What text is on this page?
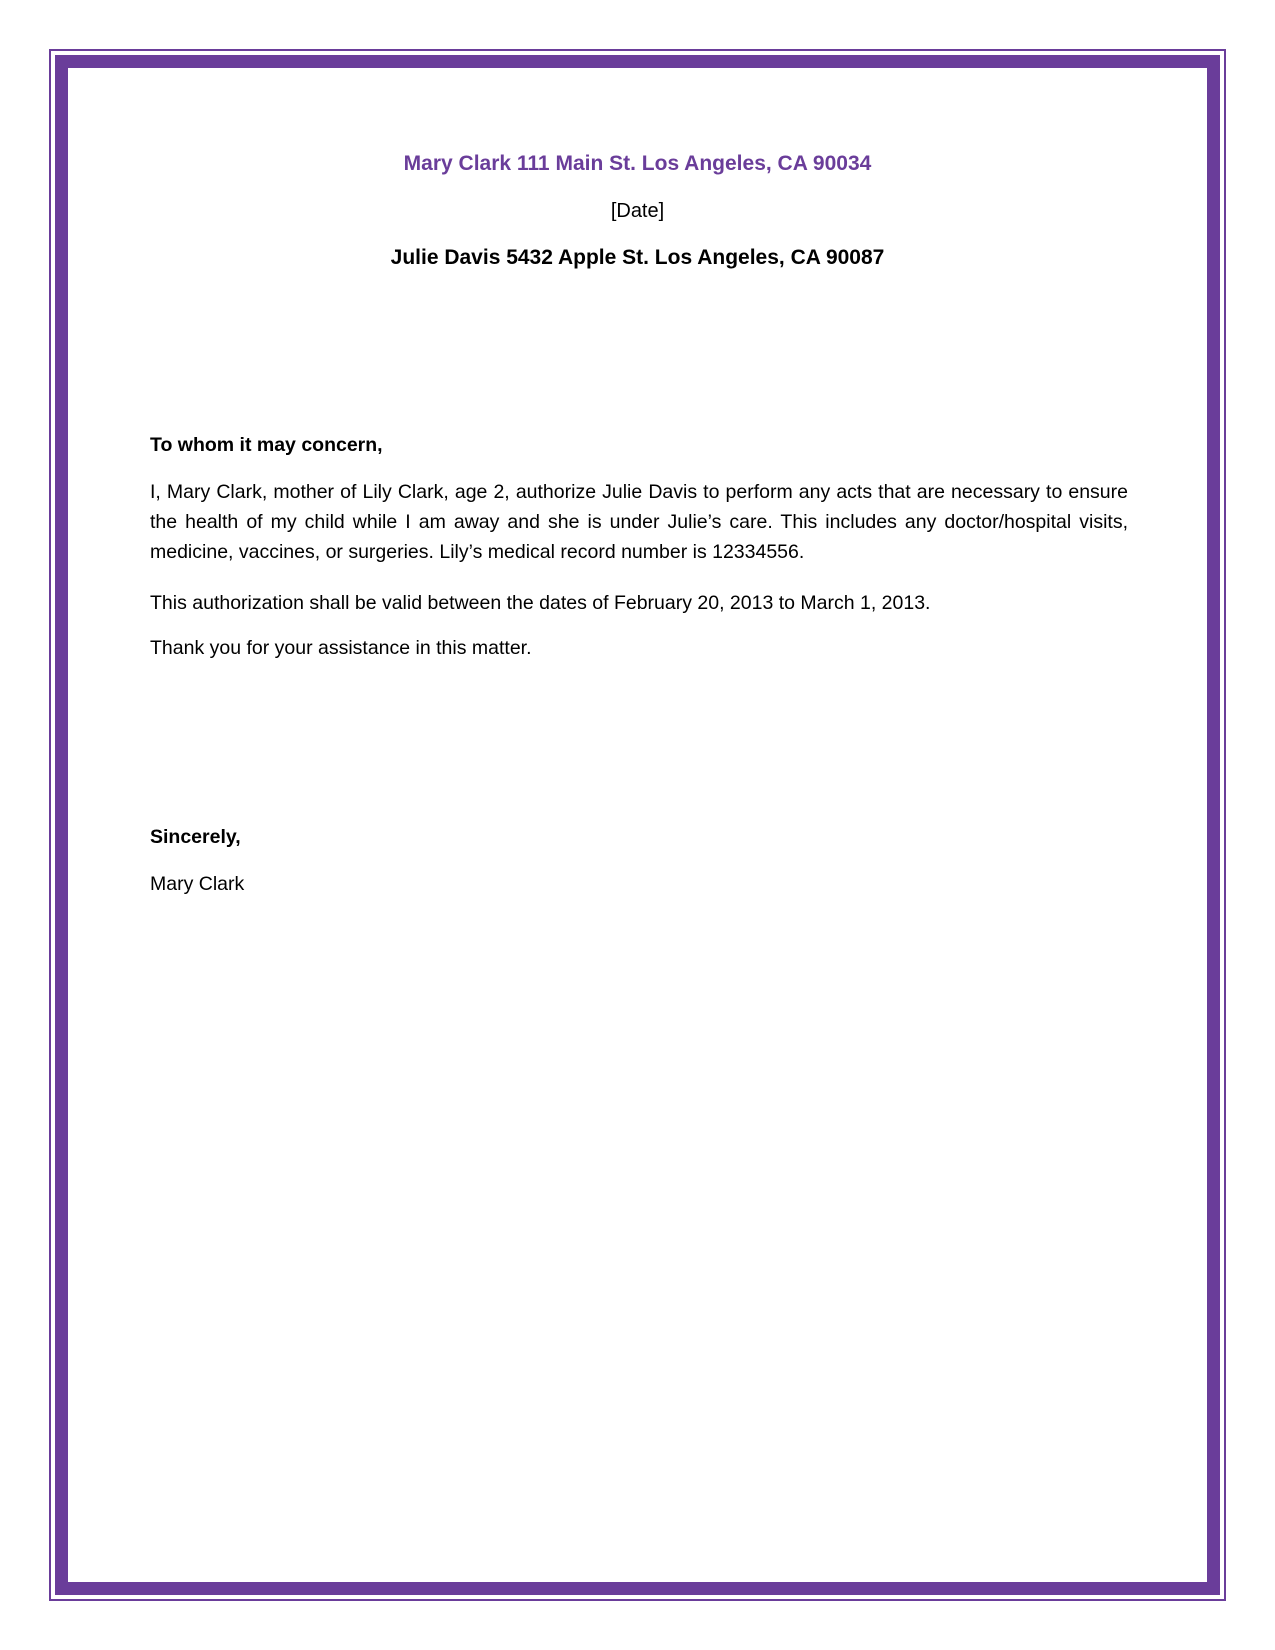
Mary Clark 111 Main St. Los Angeles, CA 90034
[Date]
Julie Davis 5432 Apple St. Los Angeles, CA 90087
To whom it may concern,
I, Mary Clark, mother of Lily Clark, age 2, authorize Julie Davis to perform any acts that are necessary to ensure the health of my child while I am away and she is under Julie’s care. This includes any doctor/hospital visits, medicine, vaccines, or surgeries. Lily’s medical record number is 12334556.
This authorization shall be valid between the dates of February 20, 2013 to March 1, 2013.
Thank you for your assistance in this matter.
Sincerely,
Mary Clark
